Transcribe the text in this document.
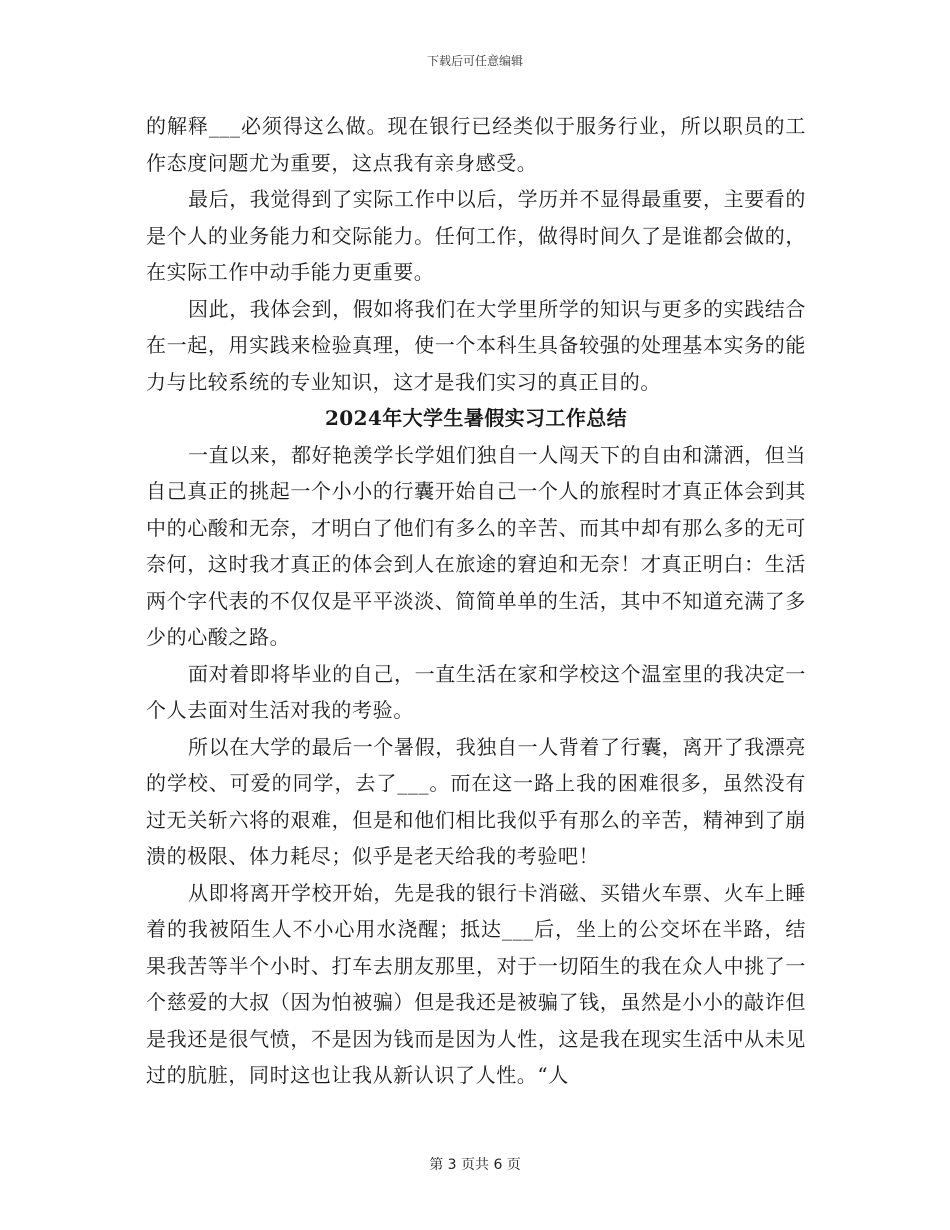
下载后可任意编辑

的解释___必须得这么做。现在银行已经类似于服务行业，所以职员的工作态度问题尤为重要，这点我有亲身感受。

最后，我觉得到了实际工作中以后，学历并不显得最重要，主要看的是个人的业务能力和交际能力。任何工作，做得时间久了是谁都会做的，在实际工作中动手能力更重要。

因此，我体会到，假如将我们在大学里所学的知识与更多的实践结合在一起，用实践来检验真理，使一个本科生具备较强的处理基本实务的能力与比较系统的专业知识，这才是我们实习的真正目的。

2024年大学生暑假实习工作总结

一直以来，都好艳羡学长学姐们独自一人闯天下的自由和潇洒，但当自己真正的挑起一个小小的行囊开始自己一个人的旅程时才真正体会到其中的心酸和无奈，才明白了他们有多么的辛苦、而其中却有那么多的无可奈何，这时我才真正的体会到人在旅途的窘迫和无奈！才真正明白：生活两个字代表的不仅仅是平平淡淡、简简单单的生活，其中不知道充满了多少的心酸之路。

面对着即将毕业的自己，一直生活在家和学校这个温室里的我决定一个人去面对生活对我的考验。

所以在大学的最后一个暑假，我独自一人背着了行囊，离开了我漂亮的学校、可爱的同学，去了___。而在这一路上我的困难很多，虽然没有过无关斩六将的艰难，但是和他们相比我似乎有那么的辛苦，精神到了崩溃的极限、体力耗尽；似乎是老天给我的考验吧！

从即将离开学校开始，先是我的银行卡消磁、买错火车票、火车上睡着的我被陌生人不小心用水浇醒；抵达___后，坐上的公交坏在半路，结果我苦等半个小时、打车去朋友那里，对于一切陌生的我在众人中挑了一个慈爱的大叔（因为怕被骗）但是我还是被骗了钱，虽然是小小的敲诈但是我还是很气愤，不是因为钱而是因为人性，这是我在现实生活中从未见过的肮脏，同时这也让我从新认识了人性。“人

第 3 页共 6 页
